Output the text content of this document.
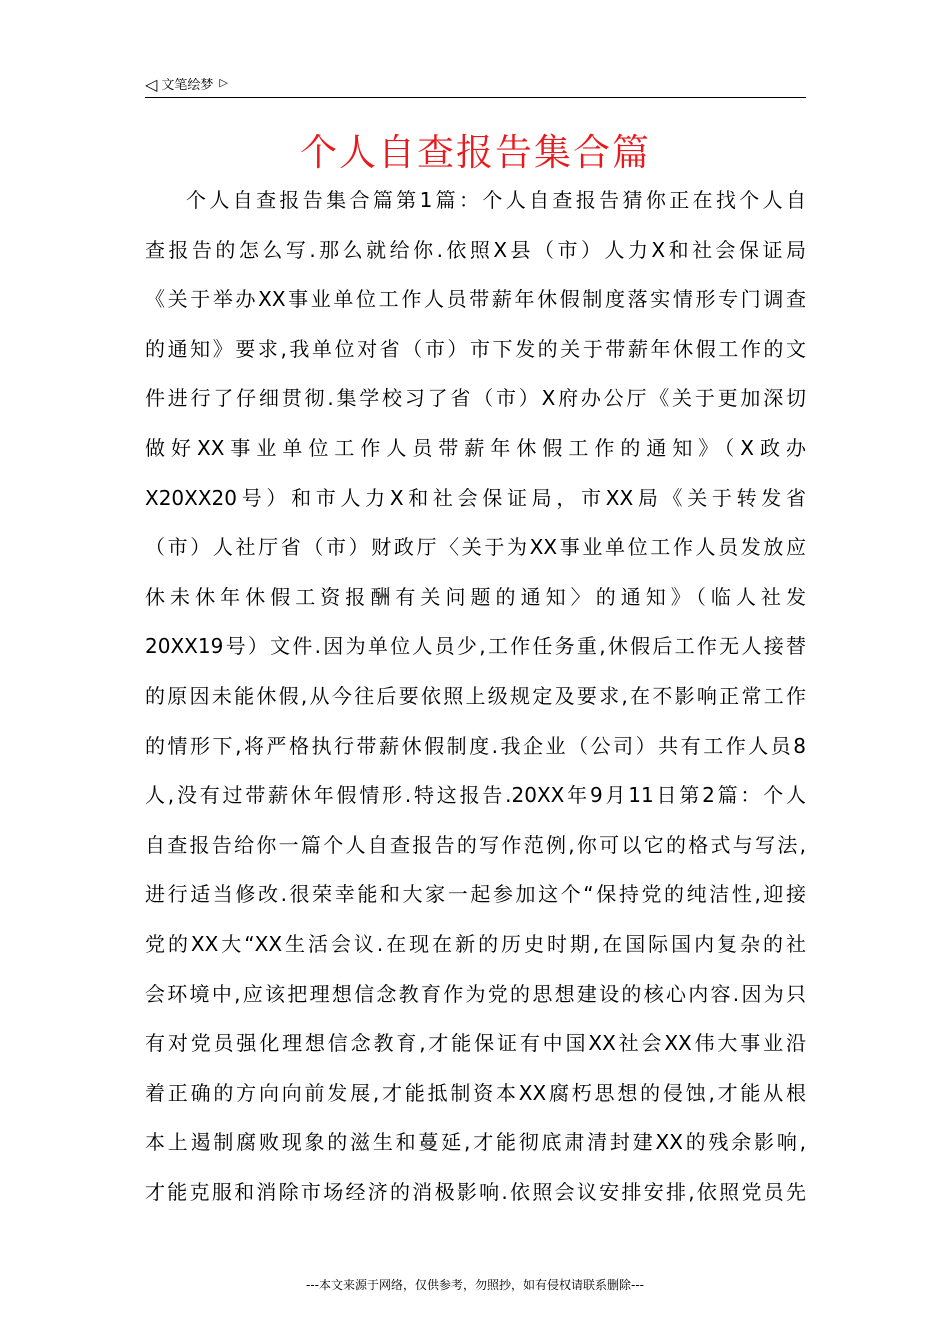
◁ 文笔绘梦 ▷
个人自查报告集合篇
个人自查报告集合篇第1篇：个人自查报告猜你正在找个人自
查报告的怎么写.那么就给你.依照X县（市）人力X和社会保证局
《关于举办XX事业单位工作人员带薪年休假制度落实情形专门调查
的通知》要求,我单位对省（市）市下发的关于带薪年休假工作的文
件进行了仔细贯彻.集学校习了省（市）X府办公厅《关于更加深切
做好XX事业单位工作人员带薪年休假工作的通知》（X政办
X20XX20号）和市人力X和社会保证局，市XX局《关于转发省
（市）人社厅省（市）财政厅〈关于为XX事业单位工作人员发放应
休未休年休假工资报酬有关问题的通知〉的通知》（临人社发
20XX19号）文件.因为单位人员少,工作任务重,休假后工作无人接替
的原因未能休假,从今往后要依照上级规定及要求,在不影响正常工作
的情形下,将严格执行带薪休假制度.我企业（公司）共有工作人员8
人,没有过带薪休年假情形.特这报告.20XX年9月11日第2篇：个人
自查报告给你一篇个人自查报告的写作范例,你可以它的格式与写法,
进行适当修改.很荣幸能和大家一起参加这个“保持党的纯洁性,迎接
党的XX大“XX生活会议.在现在新的历史时期,在国际国内复杂的社
会环境中,应该把理想信念教育作为党的思想建设的核心内容.因为只
有对党员强化理想信念教育,才能保证有中国XX社会XX伟大事业沿
着正确的方向向前发展,才能抵制资本XX腐朽思想的侵蚀,才能从根
本上遏制腐败现象的滋生和蔓延,才能彻底肃清封建XX的残余影响,
才能克服和消除市场经济的消极影响.依照会议安排安排,依照党员先
---本文来源于网络，仅供参考，勿照抄，如有侵权请联系删除---
